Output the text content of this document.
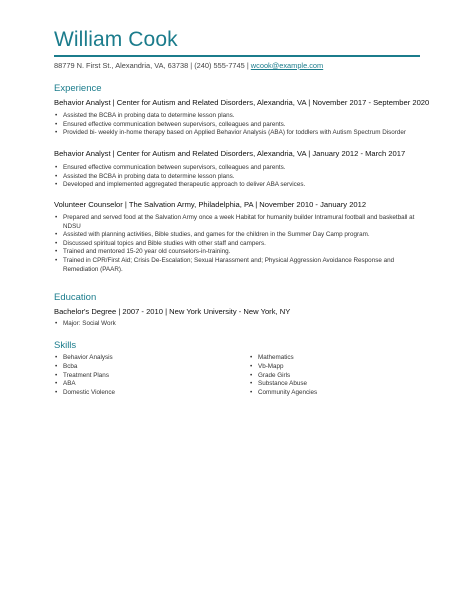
William Cook
88779 N. First St., Alexandria, VA, 63738 | (240) 555-7745 | wcook@example.com
Experience
Behavior Analyst | Center for Autism and Related Disorders, Alexandria, VA | November 2017 - September 2020
• Assisted the BCBA in probing data to determine lesson plans.
• Ensured effective communication between supervisors, colleagues and parents.
• Provided bi- weekly in-home therapy based on Applied Behavior Analysis (ABA) for toddlers with Autism Spectrum Disorder
Behavior Analyst | Center for Autism and Related Disorders, Alexandria, VA | January 2012 - March 2017
• Ensured effective communication between supervisors, colleagues and parents.
• Assisted the BCBA in probing data to determine lesson plans.
• Developed and implemented aggregated therapeutic approach to deliver ABA services.
Volunteer Counselor | The Salvation Army, Philadelphia, PA | November 2010 - January 2012
• Prepared and served food at the Salvation Army once a week Habitat for humanity builder Intramural football and basketball at NDSU
• Assisted with planning activities, Bible studies, and games for the children in the Summer Day Camp program.
• Discussed spiritual topics and Bible studies with other staff and campers.
• Trained and mentored 15-20 year old counselors-in-training.
• Trained in CPR/First Aid; Crisis De-Escalation; Sexual Harassment and; Physical Aggression Avoidance Response and Remediation (PAAR).
Education
Bachelor's Degree | 2007 - 2010 | New York University - New York, NY
• Major: Social Work
Skills
• Behavior Analysis
• Bcba
• Treatment Plans
• ABA
• Domestic Violence
• Mathematics
• Vb-Mapp
• Grade Girls
• Substance Abuse
• Community Agencies
